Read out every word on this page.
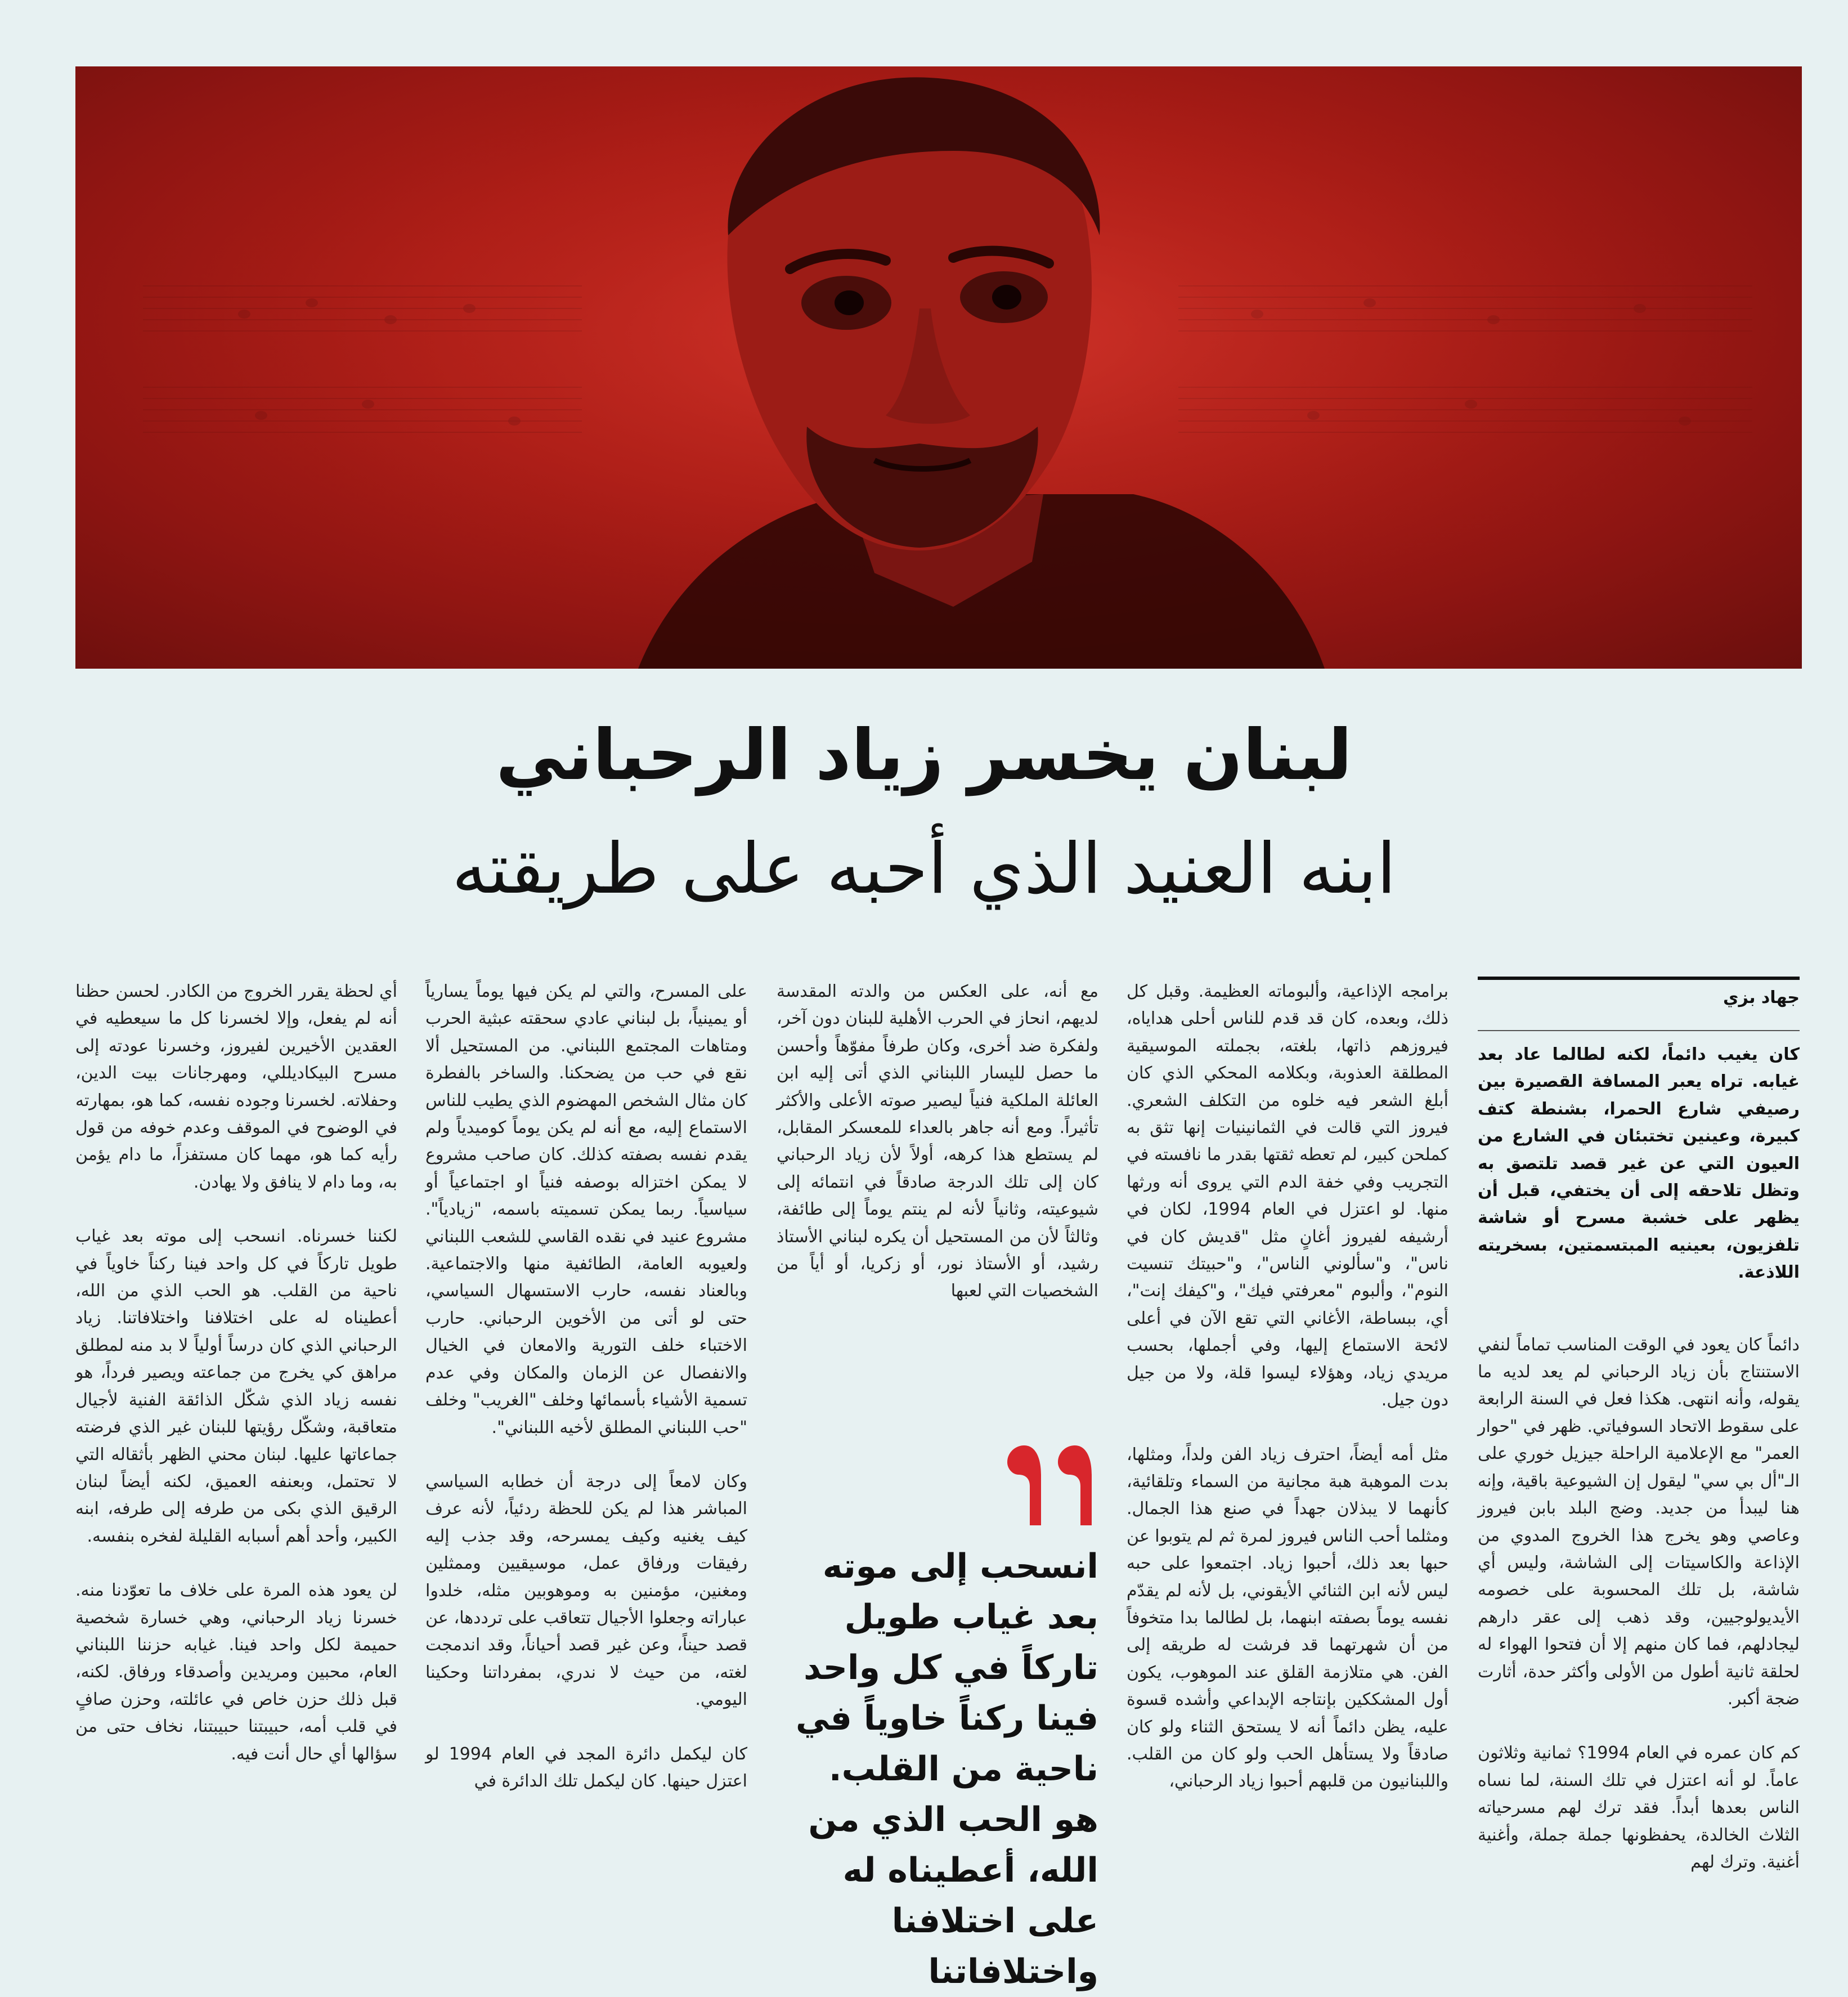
لبنان يخسر زياد الرحباني
ابنه العنيد الذي أحبه على طريقته
جهاد بزي

كان يغيب دائماً، لكنه لطالما عاد بعد غيابه. تراه يعبر المسافة القصيرة بين رصيفي شارع الحمرا، بشنطة كتف كبيرة، وعينين تختبئان في الشارع من العيون التي عن غير قصد تلتصق به وتظل تلاحقه إلى أن يختفي، قبل أن يظهر على خشبة مسرح أو شاشة تلفزيون، بعينيه المبتسمتين، بسخريته اللاذعة.

دائماً كان يعود في الوقت المناسب تماماً لنفي الاستنتاج بأن زياد الرحباني لم يعد لديه ما يقوله، وأنه انتهى. هكذا فعل في السنة الرابعة على سقوط الاتحاد السوفياتي. ظهر في "حوار العمر" مع الإعلامية الراحلة جيزيل خوري على الـ"أل بي سي" ليقول إن الشيوعية باقية، وإنه هنا ليبدأ من جديد. وضج البلد بابن فيروز وعاصي وهو يخرج هذا الخروج المدوي من الإذاعة والكاسيتات إلى الشاشة، وليس أي شاشة، بل تلك المحسوبة على خصومه الأيديولوجيين، وقد ذهب إلى عقر دارهم ليجادلهم، فما كان منهم إلا أن فتحوا الهواء له لحلقة ثانية أطول من الأولى وأكثر حدة، أثارت ضجة أكبر.

كم كان عمره في العام 1994؟ ثمانية وثلاثون عاماً. لو أنه اعتزل في تلك السنة، لما نساه الناس بعدها أبداً. فقد ترك لهم مسرحياته الثلاث الخالدة، يحفظونها جملة جملة، وأغنية أغنية. وترك لهم

برامجه الإذاعية، وألبوماته العظيمة. وقبل كل ذلك، وبعده، كان قد قدم للناس أحلى هداياه، فيروزهم ذاتها، بلغته، بجملته الموسيقية المطلقة العذوبة، وبكلامه المحكي الذي كان أبلغ الشعر فيه خلوه من التكلف الشعري. فيروز التي قالت في الثمانينيات إنها تثق به كملحن كبير، لم تعطه ثقتها بقدر ما نافسته في التجريب وفي خفة الدم التي يروى أنه ورثها منها. لو اعتزل في العام 1994، لكان في أرشيفه لفيروز أغانٍ مثل "قديش كان في ناس"، و"سألوني الناس"، و"حبيتك تنسيت النوم"، وألبوم "معرفتي فيك"، و"كيفك إنت"، أي، ببساطة، الأغاني التي تقع الآن في أعلى لائحة الاستماع إليها، وفي أجملها، بحسب مريدي زياد، وهؤلاء ليسوا قلة، ولا من جيل دون جيل.

مثل أمه أيضاً، احترف زياد الفن ولداً، ومثلها، بدت الموهبة هبة مجانية من السماء وتلقائية، كأنهما لا يبذلان جهداً في صنع هذا الجمال. ومثلما أحب الناس فيروز لمرة ثم لم يتوبوا عن حبها بعد ذلك، أحبوا زياد. اجتمعوا على حبه ليس لأنه ابن الثنائي الأيقوني، بل لأنه لم يقدّم نفسه يوماً بصفته ابنهما، بل لطالما بدا متخوفاً من أن شهرتهما قد فرشت له طريقه إلى الفن. هي متلازمة القلق عند الموهوب، يكون أول المشككين بإنتاجه الإبداعي وأشده قسوة عليه، يظن دائماً أنه لا يستحق الثناء ولو كان صادقاً ولا يستأهل الحب ولو كان من القلب. واللبنانيون من قلبهم أحبوا زياد الرحباني،

مع أنه، على العكس من والدته المقدسة لديهم، انحاز في الحرب الأهلية للبنان دون آخر، ولفكرة ضد أخرى، وكان طرفاً مفوّهاً وأحسن ما حصل لليسار اللبناني الذي أتى إليه ابن العائلة الملكية فنياً ليصير صوته الأعلى والأكثر تأثيراً. ومع أنه جاهر بالعداء للمعسكر المقابل، لم يستطع هذا كرهه، أولاً لأن زياد الرحباني كان إلى تلك الدرجة صادقاً في انتمائه إلى شيوعيته، وثانياً لأنه لم ينتم يوماً إلى طائفة، وثالثاً لأن من المستحيل أن يكره لبناني الأستاذ رشيد، أو الأستاذ نور، أو زكريا، أو أياً من الشخصيات التي لعبها

انسحب إلى موته بعد غياب طويل تاركاً في كل واحد فينا ركناً خاوياً في ناحية من القلب. هو الحب الذي من الله، أعطيناه له على اختلافنا واختلافاتنا

على المسرح، والتي لم يكن فيها يوماً يسارياً أو يمينياً، بل لبناني عادي سحقته عبثية الحرب ومتاهات المجتمع اللبناني. من المستحيل ألا نقع في حب من يضحكنا. والساخر بالفطرة كان مثال الشخص المهضوم الذي يطيب للناس الاستماع إليه، مع أنه لم يكن يوماً كوميدياً ولم يقدم نفسه بصفته كذلك. كان صاحب مشروع لا يمكن اختزاله بوصفه فنياً او اجتماعياً أو سياسياً. ربما يمكن تسميته باسمه، "زيادياً". مشروع عنيد في نقده القاسي للشعب اللبناني ولعيوبه العامة، الطائفية منها والاجتماعية. وبالعناد نفسه، حارب الاستسهال السياسي، حتى لو أتى من الأخوين الرحباني. حارب الاختباء خلف التورية والامعان في الخيال والانفصال عن الزمان والمكان وفي عدم تسمية الأشياء بأسمائها وخلف "الغريب" وخلف "حب اللبناني المطلق لأخيه اللبناني".

وكان لامعاً إلى درجة أن خطابه السياسي المباشر هذا لم يكن للحظة ردئياً، لأنه عرف كيف يغنيه وكيف يمسرحه، وقد جذب إليه رفيقات ورفاق عمل، موسيقيين وممثلين ومغنين، مؤمنين به وموهوبين مثله، خلدوا عباراته وجعلوا الأجيال تتعاقب على ترددها، عن قصد حيناً، وعن غير قصد أحياناً، وقد اندمجت لغته، من حيث لا ندري، بمفرداتنا وحكينا اليومي.

كان ليكمل دائرة المجد في العام 1994 لو اعتزل حينها. كان ليكمل تلك الدائرة في

أي لحظة يقرر الخروج من الكادر. لحسن حظنا أنه لم يفعل، وإلا لخسرنا كل ما سيعطيه في العقدين الأخيرين لفيروز، وخسرنا عودته إلى مسرح البيكاديللي، ومهرجانات بيت الدين، وحفلاته. لخسرنا وجوده نفسه، كما هو، بمهارته في الوضوح في الموقف وعدم خوفه من قول رأيه كما هو، مهما كان مستفزاً، ما دام يؤمن به، وما دام لا ينافق ولا يهادن.

لكننا خسرناه. انسحب إلى موته بعد غياب طويل تاركاً في كل واحد فينا ركناً خاوياً في ناحية من القلب. هو الحب الذي من الله، أعطيناه له على اختلافنا واختلافاتنا. زياد الرحباني الذي كان درساً أولياً لا بد منه لمطلق مراهق كي يخرج من جماعته ويصير فرداً، هو نفسه زياد الذي شكّل الذائقة الفنية لأجيال متعاقبة، وشكّل رؤيتها للبنان غير الذي فرضته جماعاتها عليها. لبنان محني الظهر بأثقاله التي لا تحتمل، وبعنفه العميق، لكنه أيضاً لبنان الرقيق الذي بكى من طرفه إلى طرفه، ابنه الكبير، وأحد أهم أسبابه القليلة لفخره بنفسه.

لن يعود هذه المرة على خلاف ما تعوّدنا منه. خسرنا زياد الرحباني، وهي خسارة شخصية حميمة لكل واحد فينا. غيابه حزننا اللبناني العام، محبين ومريدين وأصدقاء ورفاق. لكنه، قبل ذلك حزن خاص في عائلته، وحزن صافٍ في قلب أمه، حبيبتنا حبيبتنا، نخاف حتى من سؤالها أي حال أنت فيه.
